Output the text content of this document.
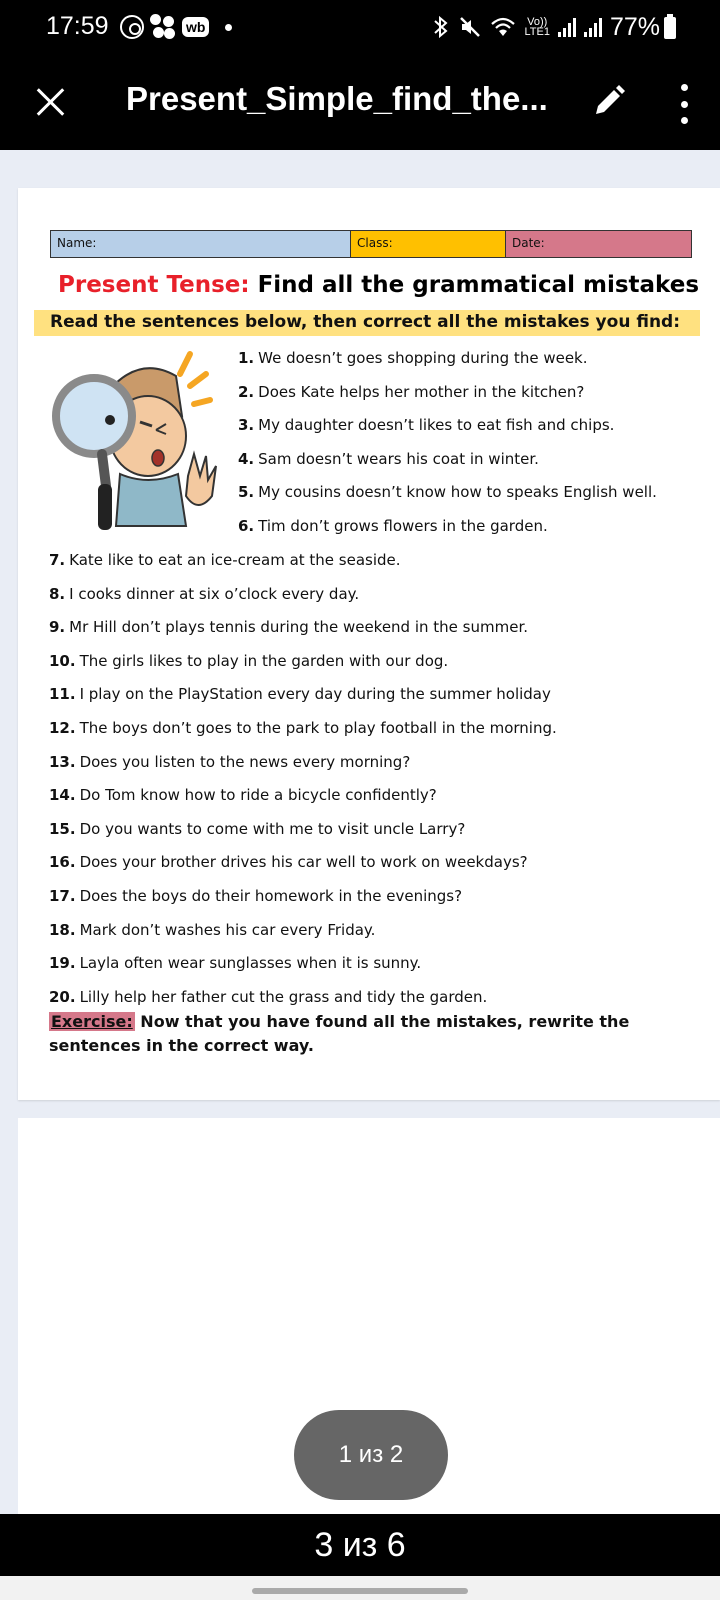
17:59	wb	Vo))
LTE1 77%
Present_Simple_find_the...
Name:	Class:	Date:
Present Tense: Find all the grammatical mistakes
Read the sentences below, then correct all the mistakes you find:
1. We doesn’t goes shopping during the week.
2. Does Kate helps her mother in the kitchen?
3. My daughter doesn’t likes to eat fish and chips.
4. Sam doesn’t wears his coat in winter.
5. My cousins doesn’t know how to speaks English well.
6. Tim don’t grows flowers in the garden.
7. Kate like to eat an ice-cream at the seaside.
8. I cooks dinner at six o’clock every day.
9. Mr Hill don’t plays tennis during the weekend in the summer.
10. The girls likes to play in the garden with our dog.
11. I play on the PlayStation every day during the summer holiday
12. The boys don’t goes to the park to play football in the morning.
13. Does you listen to the news every morning?
14. Do Tom know how to ride a bicycle confidently?
15. Do you wants to come with me to visit uncle Larry?
16. Does your brother drives his car well to work on weekdays?
17. Does the boys do their homework in the evenings?
18. Mark don’t washes his car every Friday.
19. Layla often wear sunglasses when it is sunny.
20. Lilly help her father cut the grass and tidy the garden.
Exercise: Now that you have found all the mistakes, rewrite the sentences in the correct way.
1 из 2
3 из 6
